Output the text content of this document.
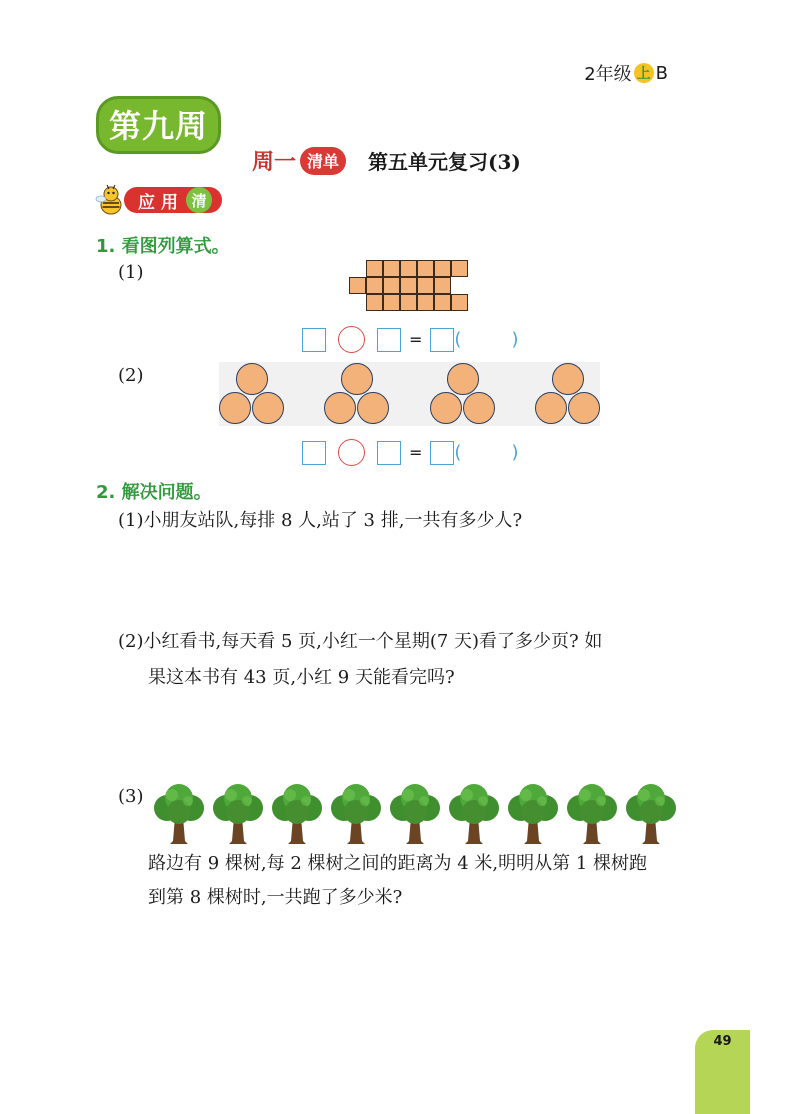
2年级 上 B
第九周
周一 清单	第五单元复习(3)
应用 清
1. 看图列算式。
(1)
= (	)
(2)
= (	)
2. 解决问题。
(1)小朋友站队,每排 8 人,站了 3 排,一共有多少人?
(2)小红看书,每天看 5 页,小红一个星期(7 天)看了多少页? 如
果这本书有 43 页,小红 9 天能看完吗?
(3)
路边有 9 棵树,每 2 棵树之间的距离为 4 米,明明从第 1 棵树跑
到第 8 棵树时,一共跑了多少米?
49
